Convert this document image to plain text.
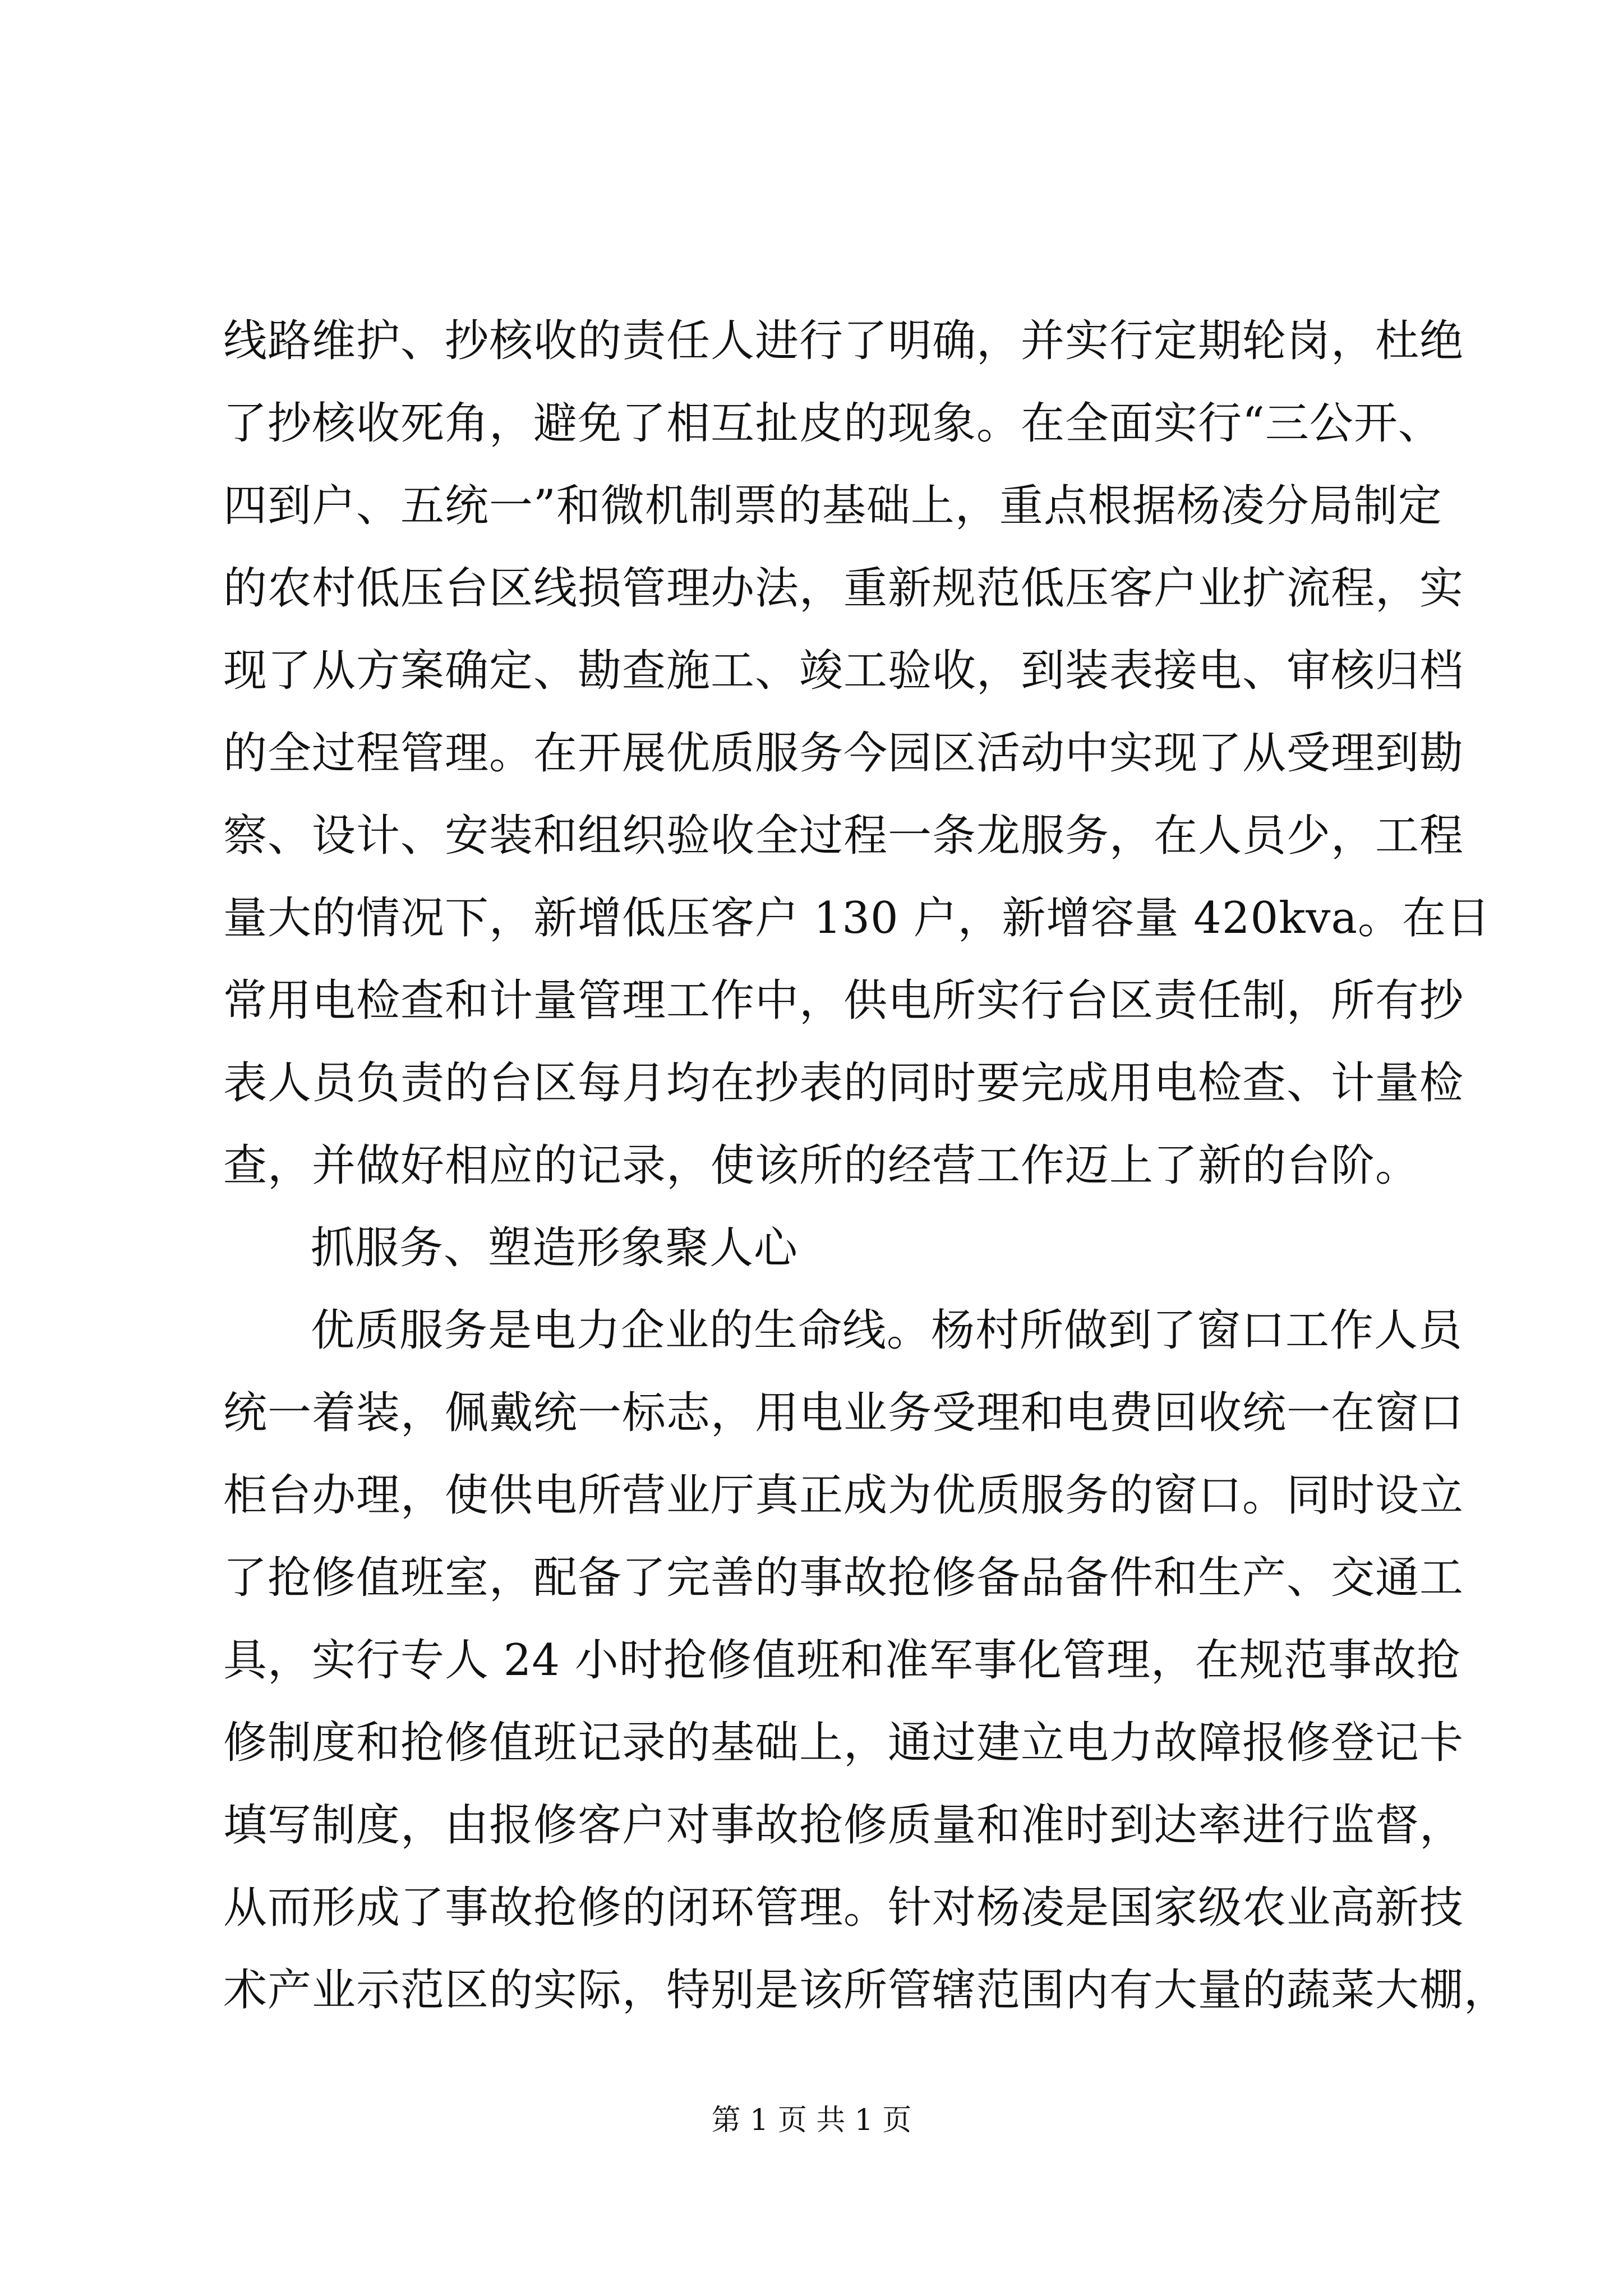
线路维护、抄核收的责任人进行了明确，并实行定期轮岗，杜绝
了抄核收死角，避免了相互扯皮的现象。在全面实行“三公开、
四到户、五统一”和微机制票的基础上，重点根据杨凌分局制定
的农村低压台区线损管理办法，重新规范低压客户业扩流程，实
现了从方案确定、勘查施工、竣工验收，到装表接电、审核归档
的全过程管理。在开展优质服务今园区活动中实现了从受理到勘
察、设计、安装和组织验收全过程一条龙服务，在人员少，工程
量大的情况下，新增低压客户 130 户，新增容量 420kva。在日
常用电检查和计量管理工作中，供电所实行台区责任制，所有抄
表人员负责的台区每月均在抄表的同时要完成用电检查、计量检
查，并做好相应的记录，使该所的经营工作迈上了新的台阶。
抓服务、塑造形象聚人心
优质服务是电力企业的生命线。杨村所做到了窗口工作人员
统一着装，佩戴统一标志，用电业务受理和电费回收统一在窗口
柜台办理，使供电所营业厅真正成为优质服务的窗口。同时设立
了抢修值班室，配备了完善的事故抢修备品备件和生产、交通工
具，实行专人 24 小时抢修值班和准军事化管理，在规范事故抢
修制度和抢修值班记录的基础上，通过建立电力故障报修登记卡
填写制度，由报修客户对事故抢修质量和准时到达率进行监督，
从而形成了事故抢修的闭环管理。针对杨凌是国家级农业高新技
术产业示范区的实际，特别是该所管辖范围内有大量的蔬菜大棚，
第 1 页 共 1 页
